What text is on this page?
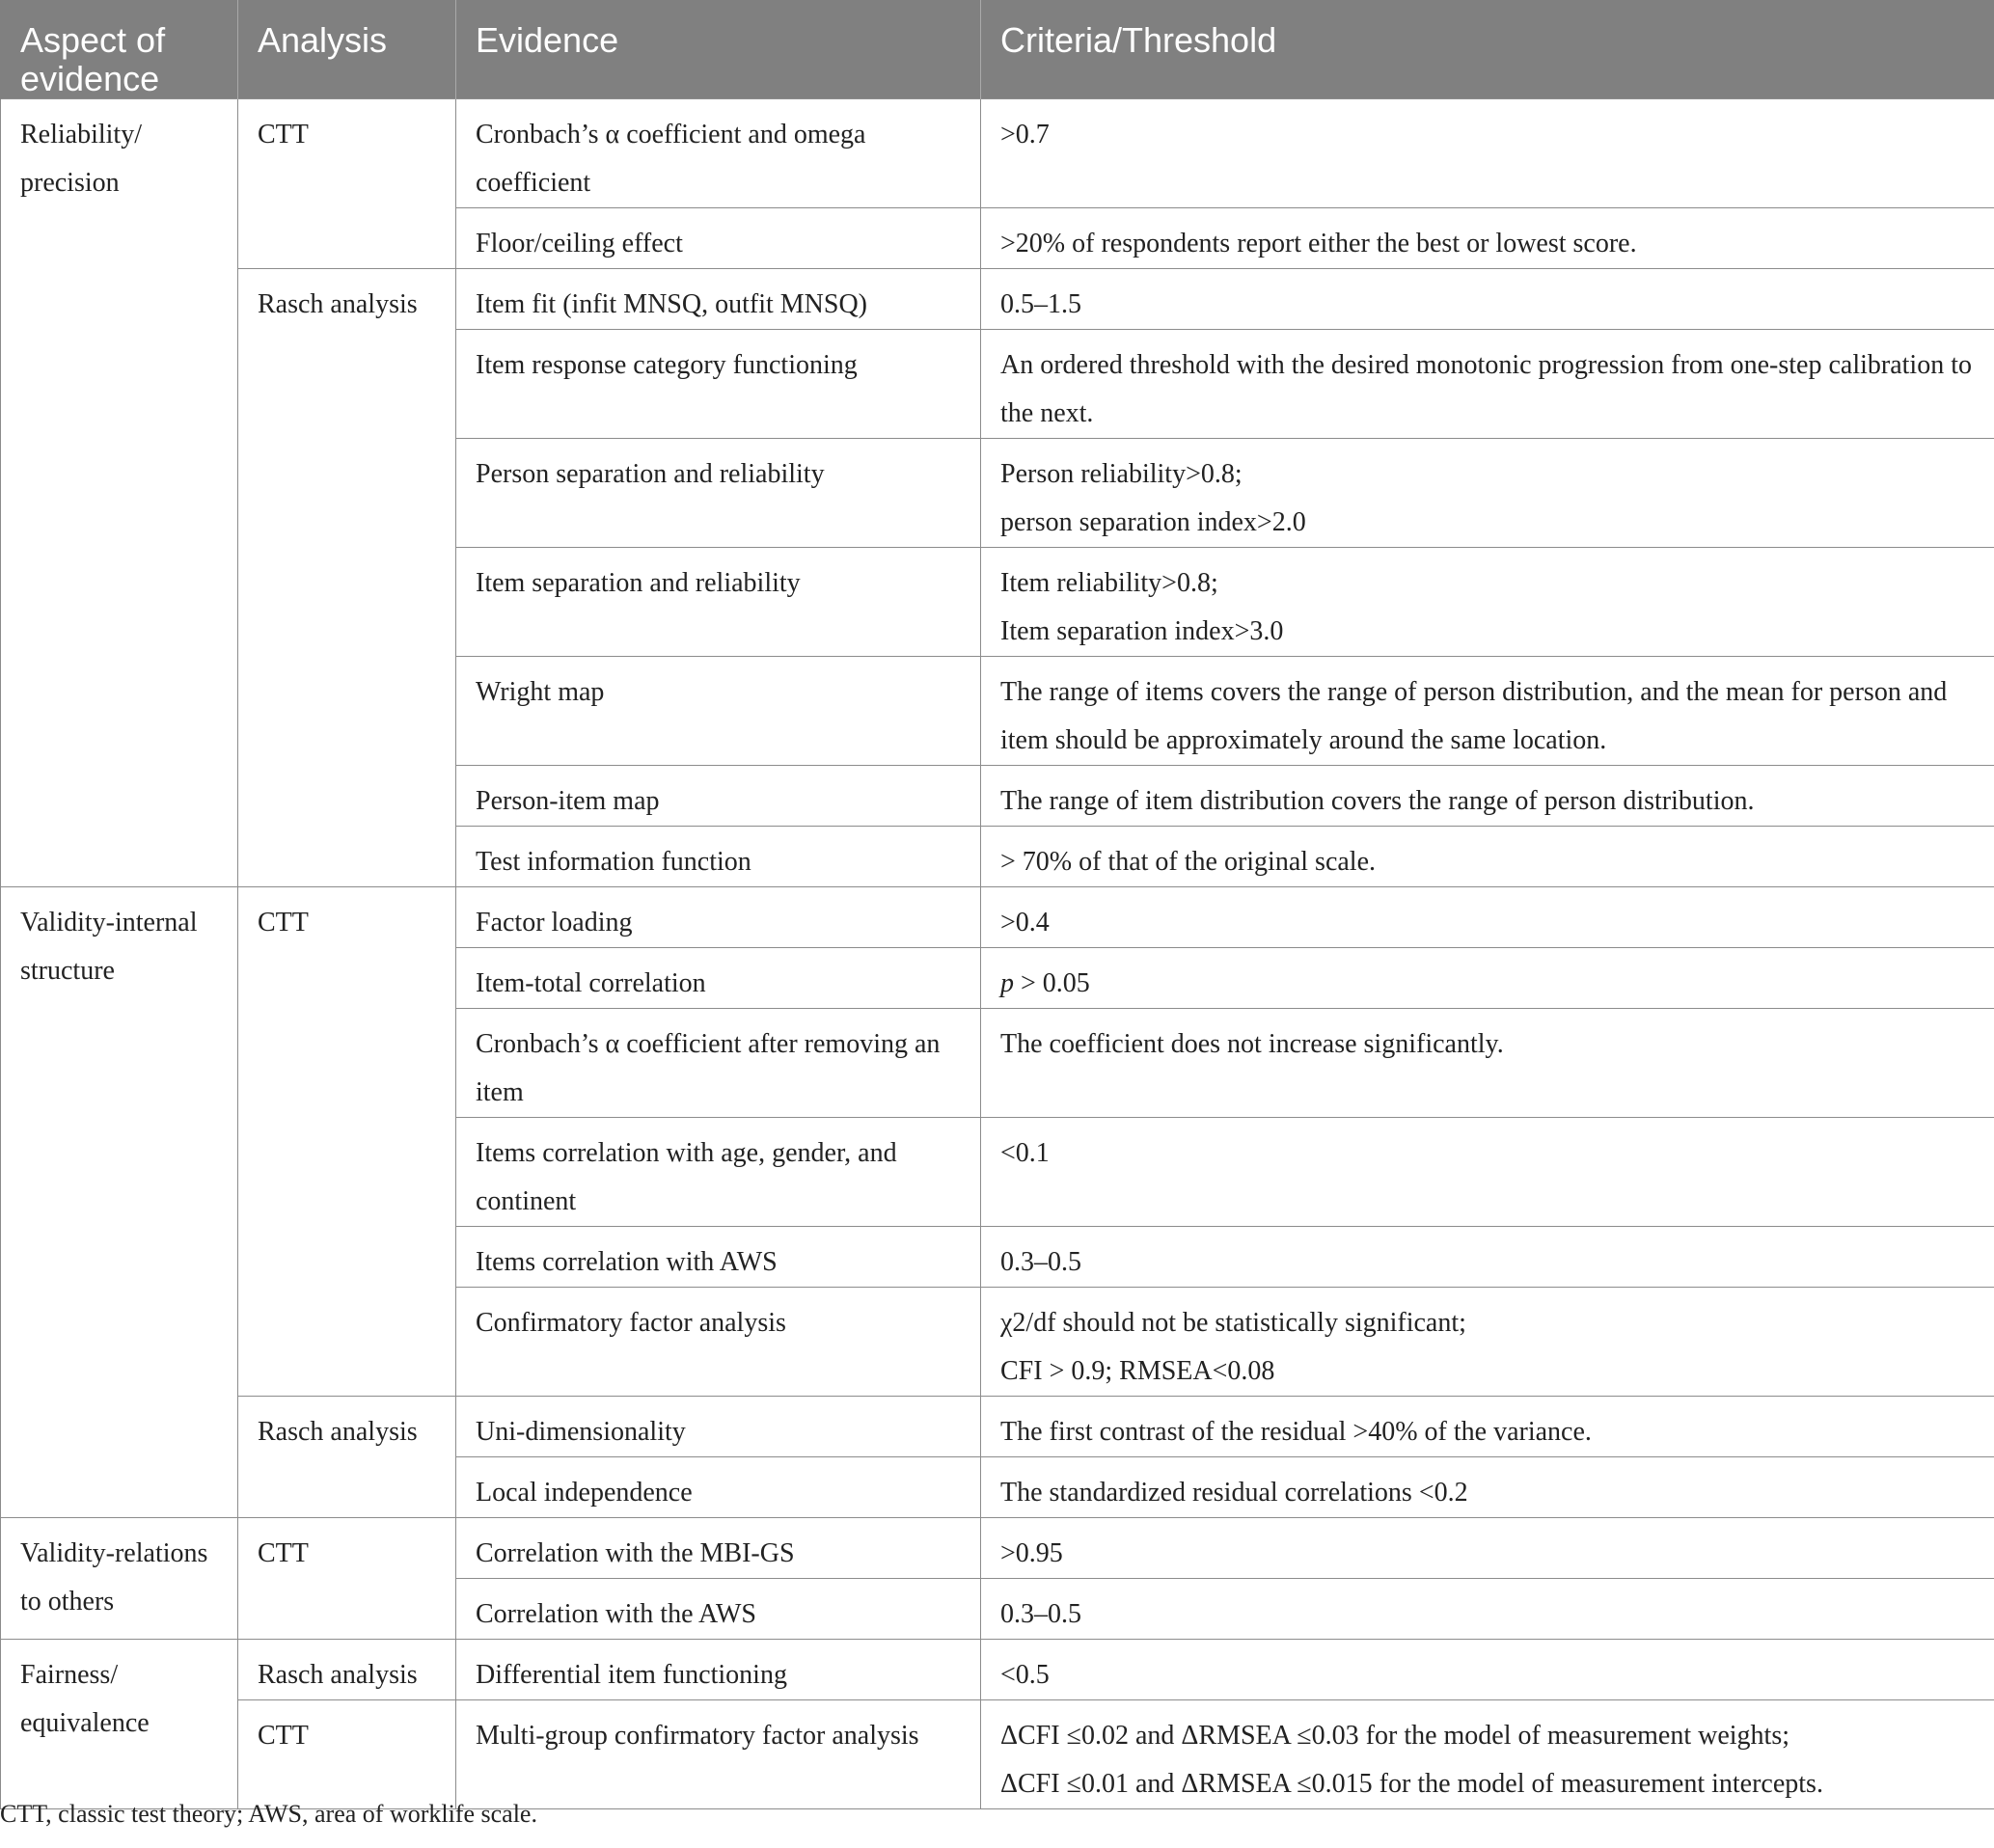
Aspect of evidence	Analysis	Evidence	Criteria/Threshold
Reliability/ precision	CTT	Cronbach’s α coefficient and omega coefficient	>0.7
		Floor/ceiling effect	>20% of respondents report either the best or lowest score.
	Rasch analysis	Item fit (infit MNSQ, outfit MNSQ)	0.5–1.5
		Item response category functioning	An ordered threshold with the desired monotonic progression from one-step calibration to the next.
		Person separation and reliability	Person reliability>0.8;
person separation index>2.0

		Item separation and reliability	Item reliability>0.8;
Item separation index>3.0

		Wright map	The range of items covers the range of person distribution, and the mean for person and item should be approximately around the same location.
		Person-item map	The range of item distribution covers the range of person distribution.
		Test information function	> 70% of that of the original scale.
Validity-internal structure	CTT	Factor loading	>0.4
		Item-total correlation	p > 0.05
		Cronbach’s α coefficient after removing an item	The coefficient does not increase significantly.
		Items correlation with age, gender, and continent	<0.1
		Items correlation with AWS	0.3–0.5
		Confirmatory factor analysis	χ2/df should not be statistically significant;
CFI > 0.9; RMSEA<0.08

	Rasch analysis	Uni-dimensionality	The first contrast of the residual >40% of the variance.
		Local independence	The standardized residual correlations <0.2
Validity-relations to others	CTT	Correlation with the MBI-GS	>0.95
		Correlation with the AWS	0.3–0.5
Fairness/ equivalence	Rasch analysis	Differential item functioning	<0.5
	CTT	Multi-group confirmatory factor analysis	ΔCFI ≤0.02 and ΔRMSEA ≤0.03 for the model of measurement weights;
ΔCFI ≤0.01 and ΔRMSEA ≤0.015 for the model of measurement intercepts.
CTT, classic test theory; AWS, area of worklife scale.
